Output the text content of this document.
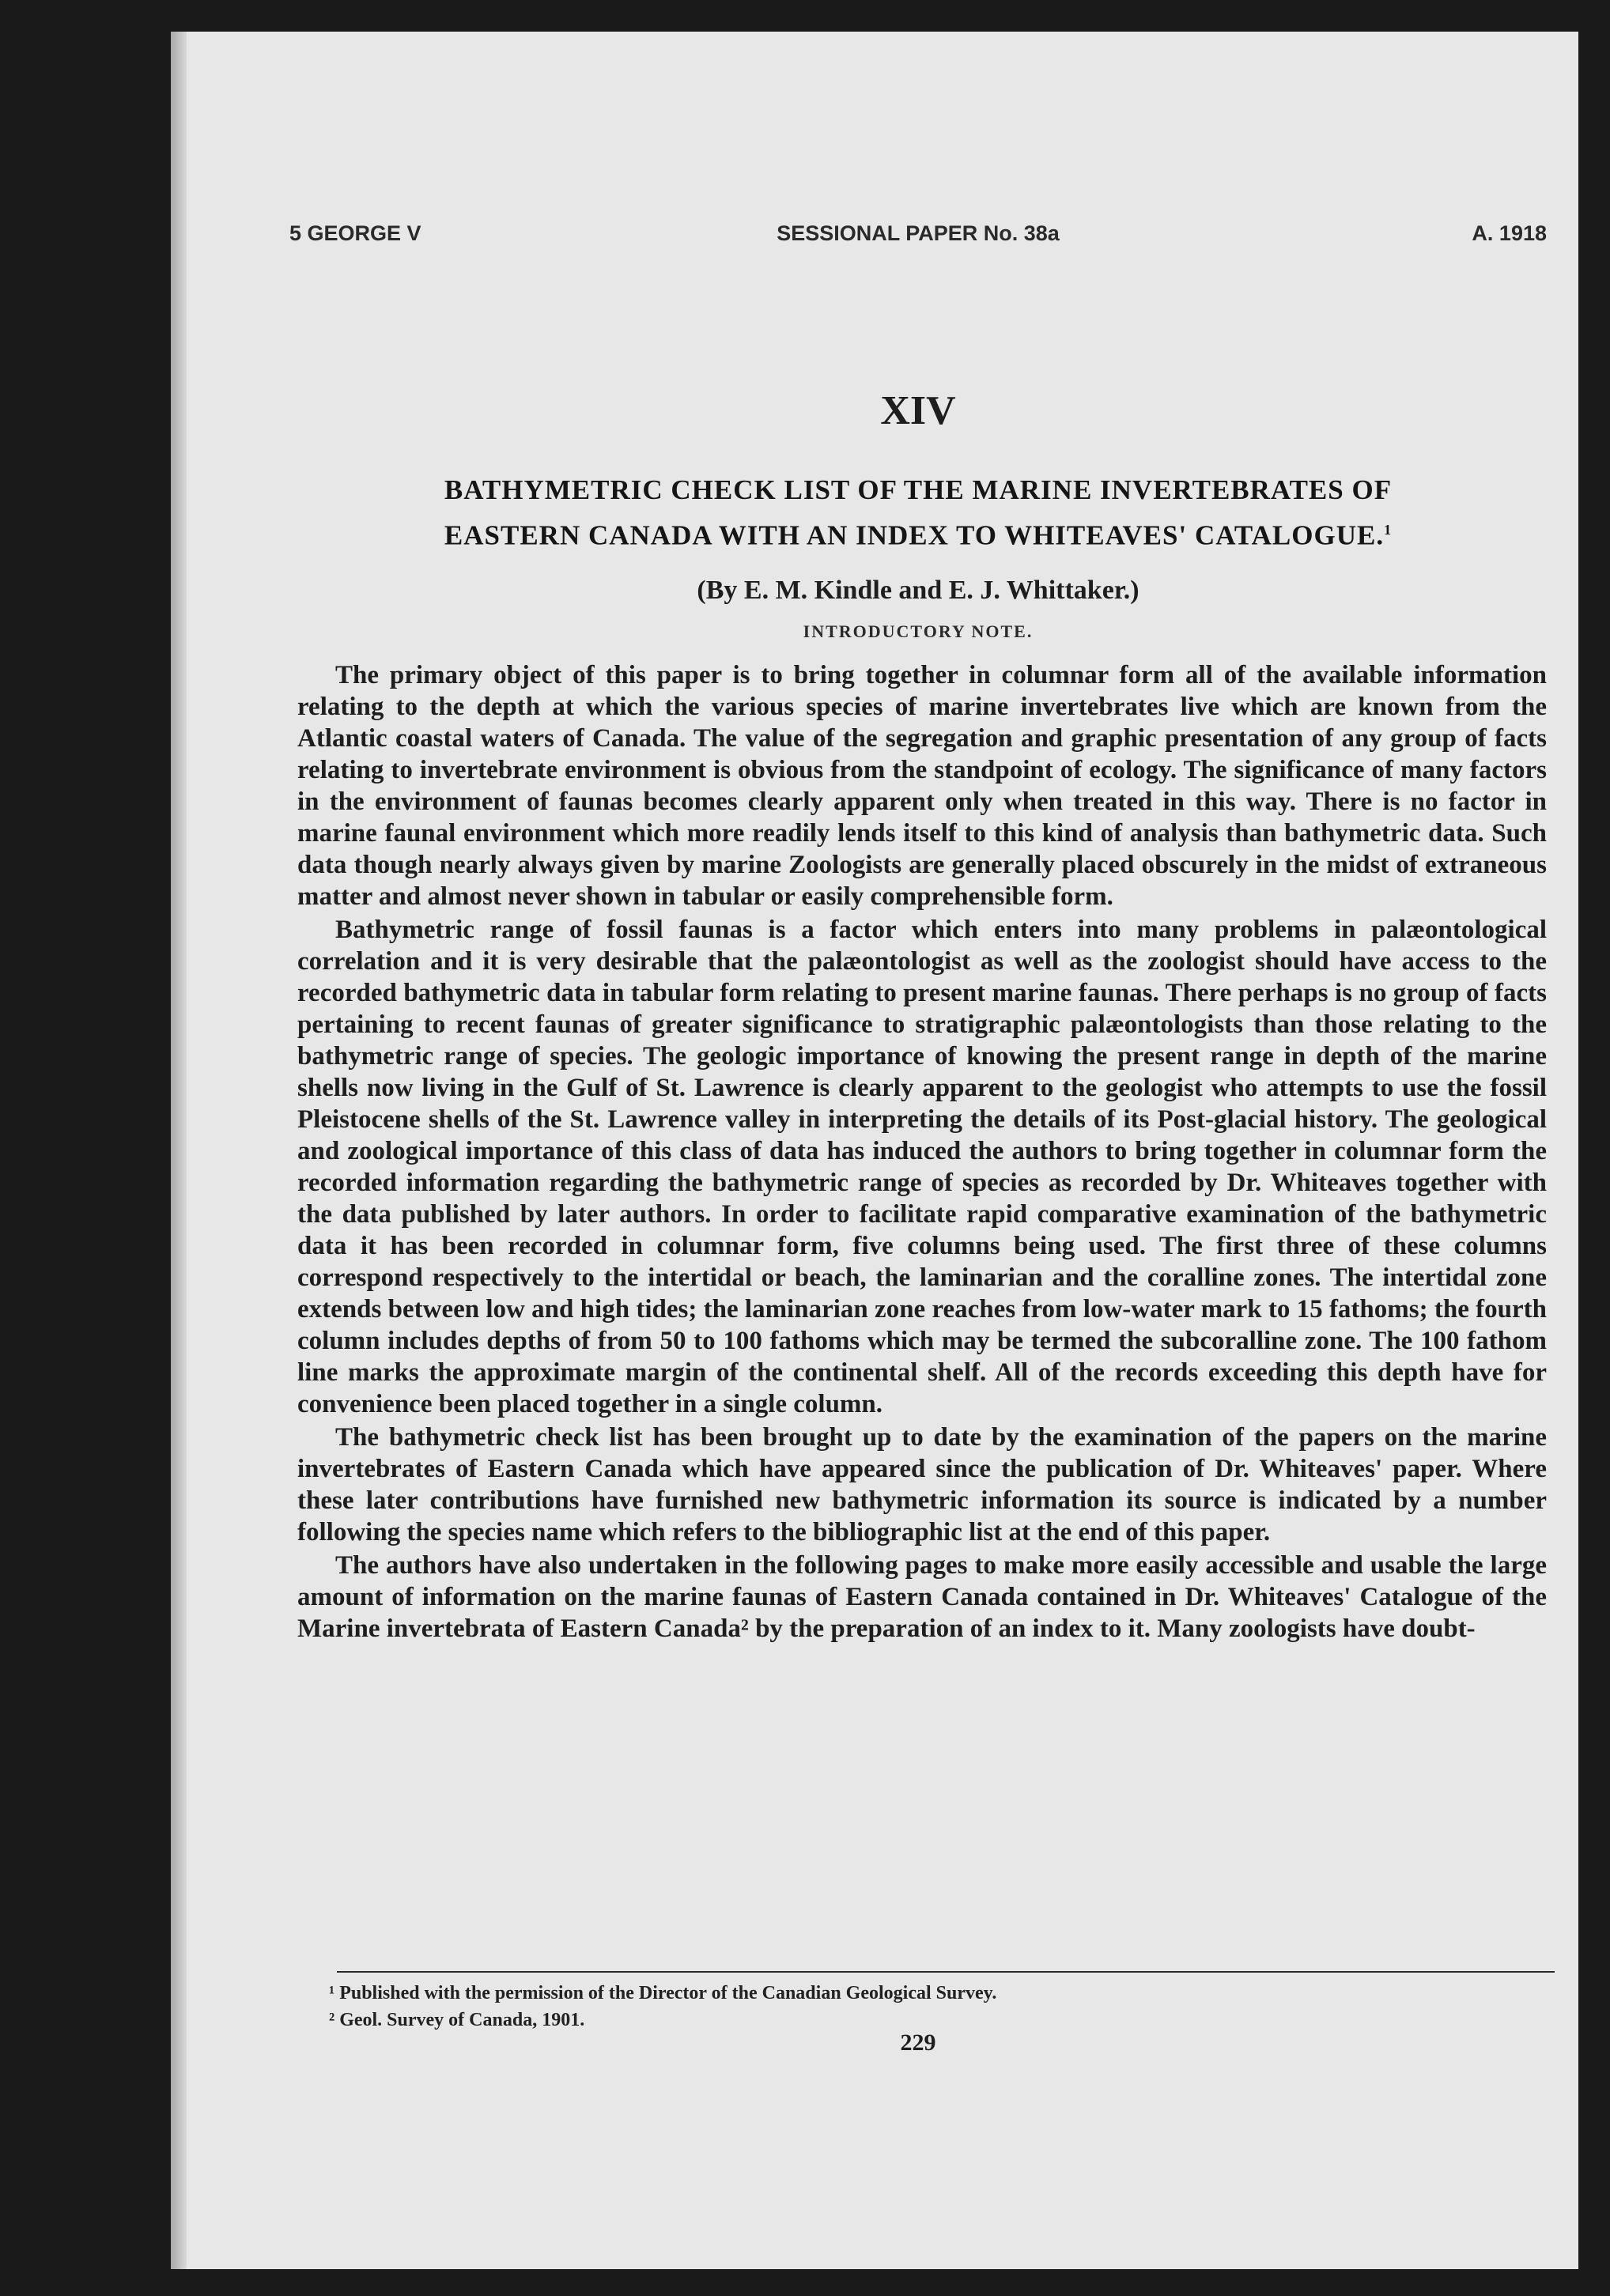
5 GEORGE V	SESSIONAL PAPER No. 38a	A. 1918
XIV
BATHYMETRIC CHECK LIST OF THE MARINE INVERTEBRATES OF
EASTERN CANADA WITH AN INDEX TO WHITEAVES' CATALOGUE.$^1$
(By E. M. Kindle and E. J. Whittaker.)
INTRODUCTORY NOTE.

The primary object of this paper is to bring together in columnar form all of the available information relating to the depth at which the various species of marine invertebrates live which are known from the Atlantic coastal waters of Canada. The value of the segregation and graphic presentation of any group of facts relating to invertebrate environment is obvious from the standpoint of ecology. The significance of many factors in the environment of faunas becomes clearly apparent only when treated in this way. There is no factor in marine faunal environment which more readily lends itself to this kind of analysis than bathymetric data. Such data though nearly always given by marine Zoologists are generally placed obscurely in the midst of extraneous matter and almost never shown in tabular or easily comprehensible form.

Bathymetric range of fossil faunas is a factor which enters into many problems in palæontological correlation and it is very desirable that the palæontologist as well as the zoologist should have access to the recorded bathymetric data in tabular form relating to present marine faunas. There perhaps is no group of facts pertaining to recent faunas of greater significance to stratigraphic palæontologists than those relating to the bathymetric range of species. The geologic importance of knowing the present range in depth of the marine shells now living in the Gulf of St. Lawrence is clearly apparent to the geologist who attempts to use the fossil Pleistocene shells of the St. Lawrence valley in interpreting the details of its Post-glacial history. The geological and zoological importance of this class of data has induced the authors to bring together in columnar form the recorded information regarding the bathymetric range of species as recorded by Dr. Whiteaves together with the data published by later authors. In order to facilitate rapid comparative examination of the bathymetric data it has been recorded in columnar form, five columns being used. The first three of these columns correspond respectively to the intertidal or beach, the laminarian and the coralline zones. The intertidal zone extends between low and high tides; the laminarian zone reaches from low-water mark to 15 fathoms; the fourth column includes depths of from 50 to 100 fathoms which may be termed the subcoralline zone. The 100 fathom line marks the approximate margin of the continental shelf. All of the records exceeding this depth have for convenience been placed together in a single column.

The bathymetric check list has been brought up to date by the examination of the papers on the marine invertebrates of Eastern Canada which have appeared since the publication of Dr. Whiteaves' paper. Where these later contributions have furnished new bathymetric information its source is indicated by a number following the species name which refers to the bibliographic list at the end of this paper.

The authors have also undertaken in the following pages to make more easily accessible and usable the large amount of information on the marine faunas of Eastern Canada contained in Dr. Whiteaves' Catalogue of the Marine invertebrata of Eastern Canada² by the preparation of an index to it. Many zoologists have doubt-

¹ Published with the permission of the Director of the Canadian Geological Survey.
² Geol. Survey of Canada, 1901.
229
